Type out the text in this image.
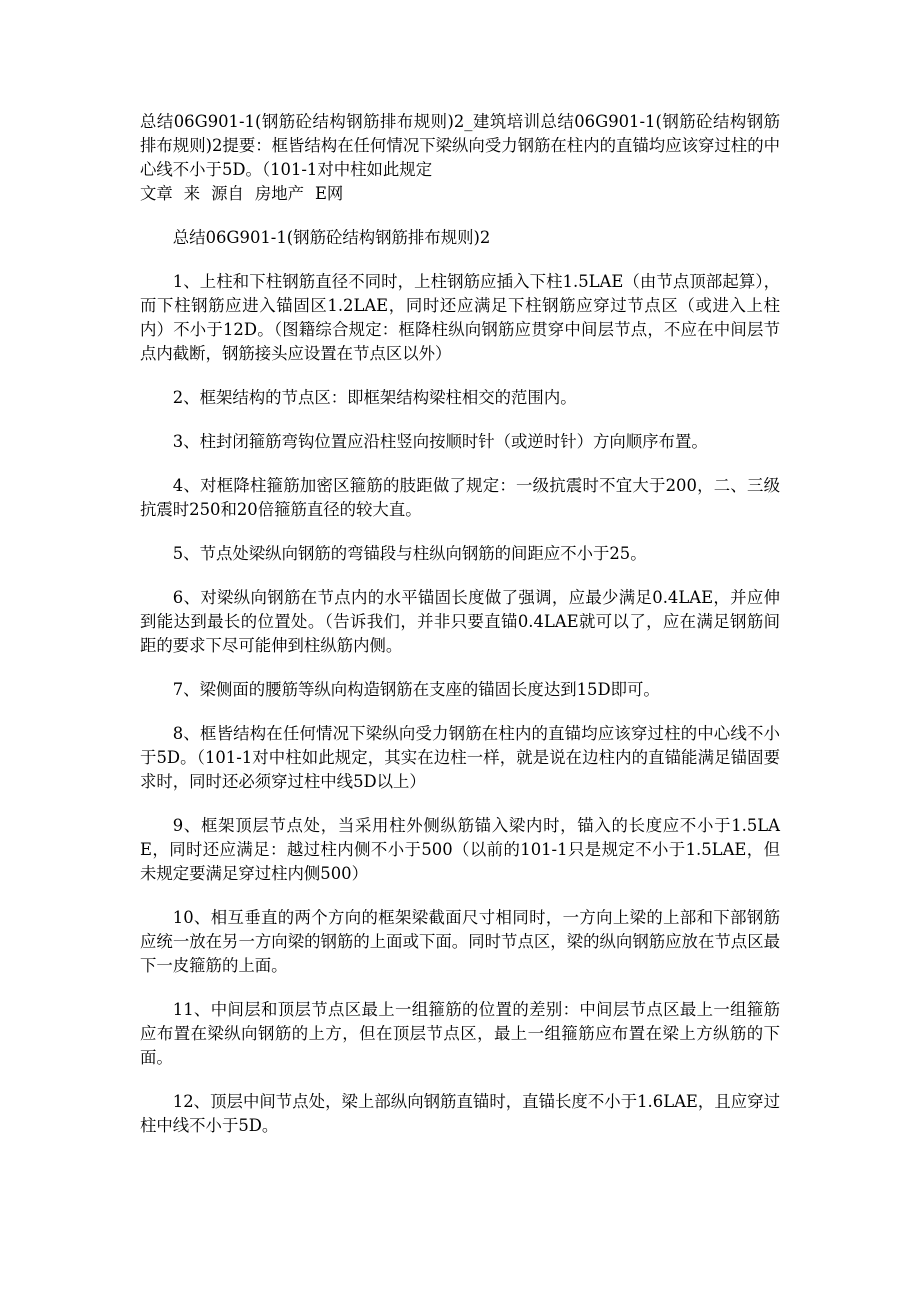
总结06G901-1(钢筋砼结构钢筋排布规则)2_建筑培训总结06G901-1(钢筋砼结构钢筋排布规则)2提要：框皆结构在任何情况下梁纵向受力钢筋在柱内的直锚均应该穿过柱的中心线不小于5D。（101-1对中柱如此规定

文章 来 源自 房地产 E网

总结06G901-1(钢筋砼结构钢筋排布规则)2

1、上柱和下柱钢筋直径不同时，上柱钢筋应插入下柱1.5LAE（由节点顶部起算），而下柱钢筋应进入锚固区1.2LAE，同时还应满足下柱钢筋应穿过节点区（或进入上柱内）不小于12D。（图籍综合规定：框降柱纵向钢筋应贯穿中间层节点，不应在中间层节点内截断，钢筋接头应设置在节点区以外）

2、框架结构的节点区：即框架结构梁柱相交的范围内。

3、柱封闭箍筋弯钩位置应沿柱竖向按顺时针（或逆时针）方向顺序布置。

4、对框降柱箍筋加密区箍筋的肢距做了规定：一级抗震时不宜大于200，二、三级抗震时250和20倍箍筋直径的较大直。

5、节点处梁纵向钢筋的弯锚段与柱纵向钢筋的间距应不小于25。

6、对梁纵向钢筋在节点内的水平锚固长度做了强调，应最少满足0.4LAE，并应伸到能达到最长的位置处。（告诉我们，并非只要直锚0.4LAE就可以了，应在满足钢筋间距的要求下尽可能伸到柱纵筋内侧。

7、梁侧面的腰筋等纵向构造钢筋在支座的锚固长度达到15D即可。

8、框皆结构在任何情况下梁纵向受力钢筋在柱内的直锚均应该穿过柱的中心线不小于5D。（101-1对中柱如此规定，其实在边柱一样，就是说在边柱内的直锚能满足锚固要求时，同时还必须穿过柱中线5D以上）

9、框架顶层节点处，当采用柱外侧纵筋锚入梁内时，锚入的长度应不小于1.5LAE，同时还应满足：越过柱内侧不小于500（以前的101-1只是规定不小于1.5LAE，但未规定要满足穿过柱内侧500）

10、相互垂直的两个方向的框架梁截面尺寸相同时，一方向上梁的上部和下部钢筋应统一放在另一方向梁的钢筋的上面或下面。同时节点区，梁的纵向钢筋应放在节点区最下一皮箍筋的上面。

11、中间层和顶层节点区最上一组箍筋的位置的差别：中间层节点区最上一组箍筋应布置在梁纵向钢筋的上方，但在顶层节点区，最上一组箍筋应布置在梁上方纵筋的下面。

12、顶层中间节点处，梁上部纵向钢筋直锚时，直锚长度不小于1.6LAE，且应穿过柱中线不小于5D。
